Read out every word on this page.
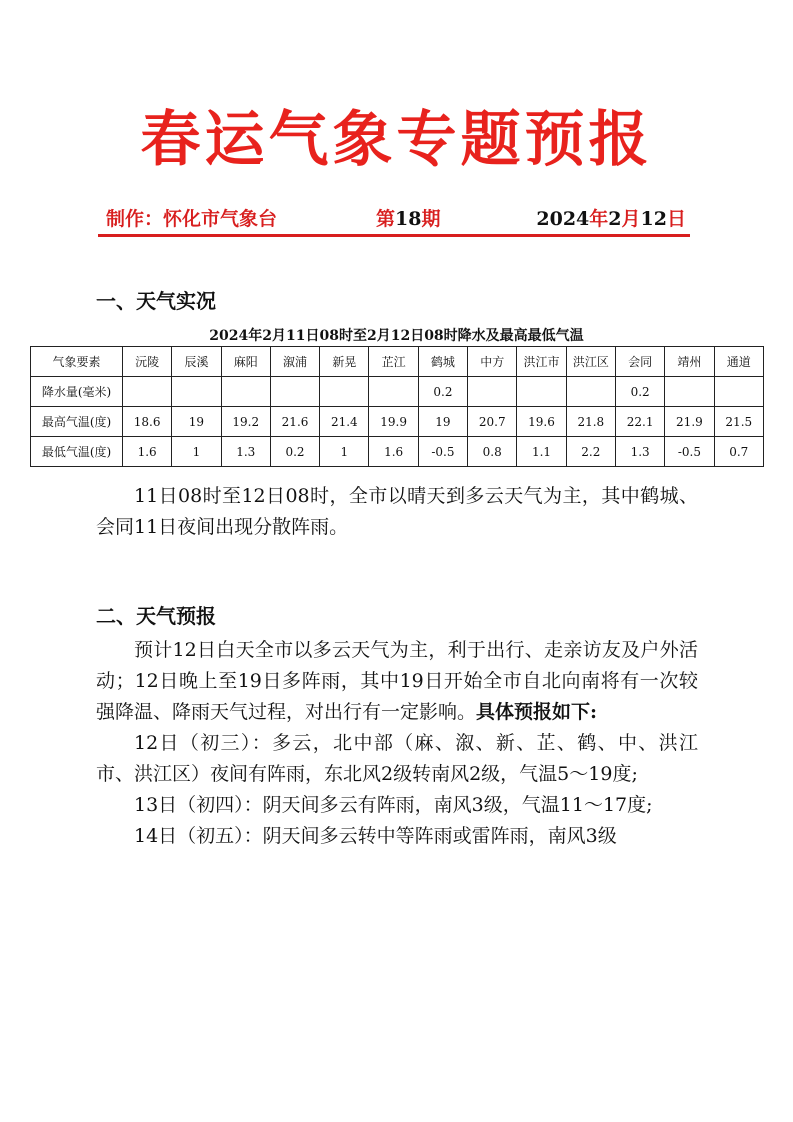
春运气象专题预报
制作：怀化市气象台	第18期	2024年2月12日
一、天气实况
2024年2月11日08时至2月12日08时降水及最高最低气温
气象要素	沅陵	辰溪	麻阳	溆浦	新晃	芷江	鹤城	中方	洪江市	洪江区	会同	靖州	通道
降水量(毫米)							0.2				0.2		
最高气温(度)	18.6	19	19.2	21.6	21.4	19.9	19	20.7	19.6	21.8	22.1	21.9	21.5
最低气温(度)	1.6	1	1.3	0.2	1	1.6	-0.5	0.8	1.1	2.2	1.3	-0.5	0.7

11日08时至12日08时，全市以晴天到多云天气为主，其中鹤城、会同11日夜间出现分散阵雨。

二、天气预报

预计12日白天全市以多云天气为主，利于出行、走亲访友及户外活动；12日晚上至19日多阵雨，其中19日开始全市自北向南将有一次较强降温、降雨天气过程，对出行有一定影响。具体预报如下:

12日（初三）：多云，北中部（麻、溆、新、芷、鹤、中、洪江市、洪江区）夜间有阵雨，东北风2级转南风2级，气温5～19度;

13日（初四）：阴天间多云有阵雨，南风3级，气温11～17度;

14日（初五）：阴天间多云转中等阵雨或雷阵雨，南风3级
